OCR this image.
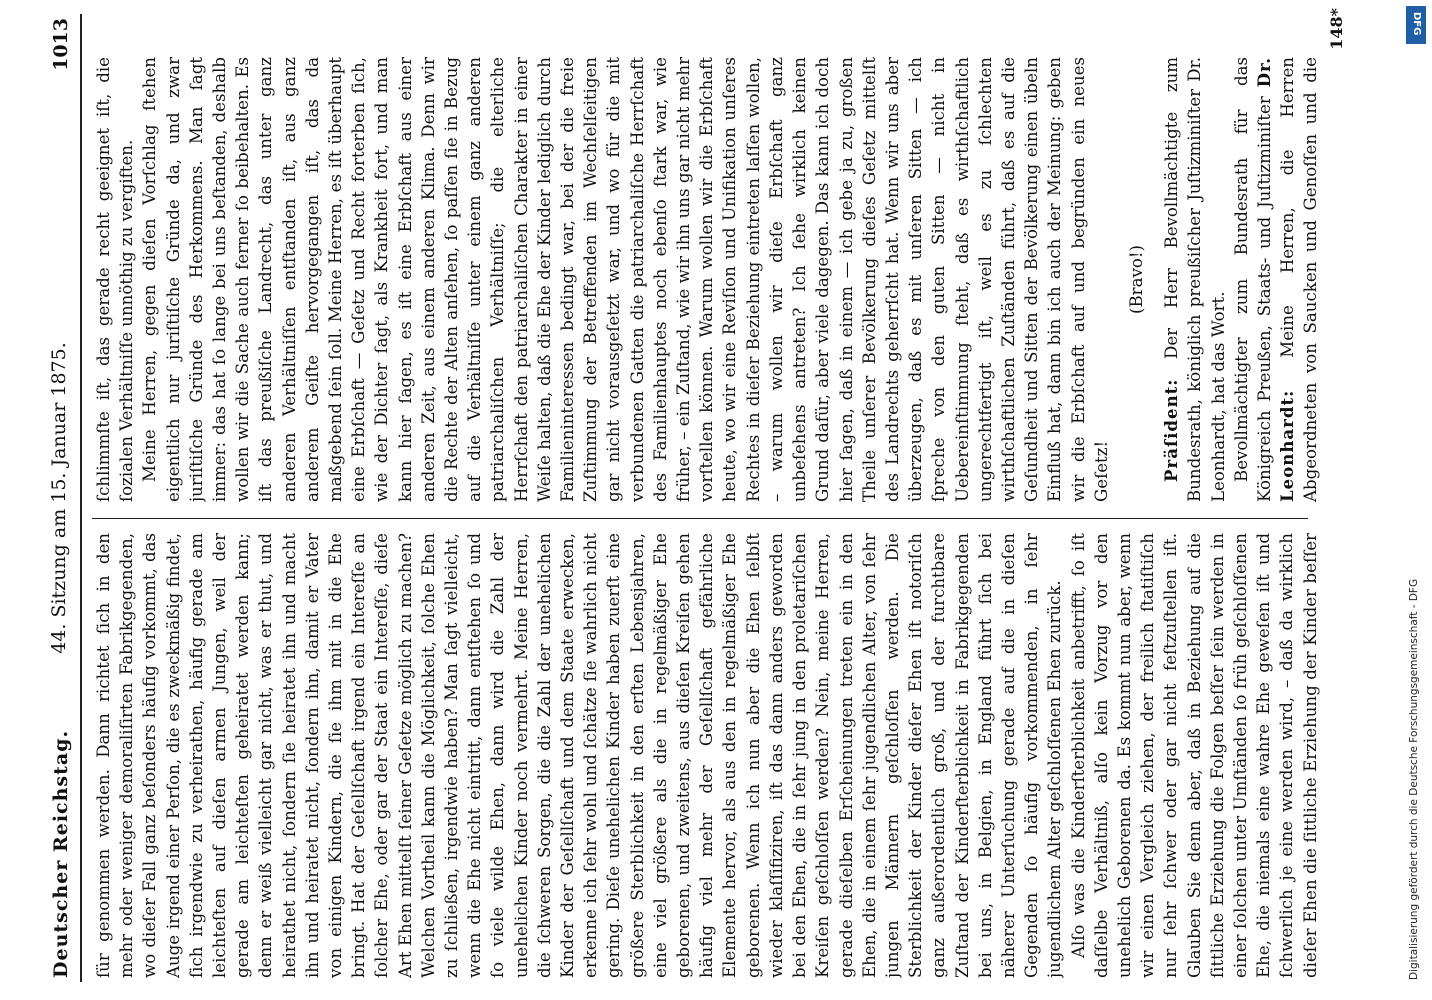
Deutscher Reichstag.
44. Sitzung am 15. Januar 1875.
1013

ſür genommen werden. Dann richtet ſich in den mehr oder weniger demoraliſirten Fabrikgegenden, wo dieſer Fall ganz beſonders häufig vorkommt, das Auge irgend einer Perſon, die es zweckmäßig findet, ſich irgendwie zu verheirathen, häufig gerade am leichteſten auf dieſen armen Jungen, weil der gerade am leichteſten geheiratet werden kann; denn er weiß vielleicht gar nicht, was er thut, und heirathet nicht, ſondern ſie heiratet ihn und macht ihn und heiratet nicht, ſondern ihn, damit er Vater von einigen Kindern, die ſie ihm mit in die Ehe bringt. Hat der Geſellſchaft irgend ein Intereſſe an ſolcher Ehe, oder gar der Staat ein Intereſſe, dieſe Art Ehen mittelſt ſeiner Geſetze möglich zu machen? Welchen Vortheil kann die Möglichkeit, ſolche Ehen zu ſchließen, irgendwie haben? Man ſagt vielleicht, wenn die Ehe nicht eintritt, dann entſtehen ſo und ſo viele wilde Ehen, dann wird die Zahl der unehelichen Kinder noch vermehrt. Meine Herren, die ſchweren Sorgen, die die Zahl der unehelichen Kinder der Geſellſchaft und dem Staate erwecken, erkenne ich ſehr wohl und ſchätze ſie wahrlich nicht gering. Dieſe unehelichen Kinder haben zuerſt eine größere Sterblichkeit in den erſten Lebensjahren, eine viel größere als die in regelmäßiger Ehe geborenen, und zweitens, aus dieſen Kreiſen gehen häufig viel mehr der Geſellſchaft gefährliche Elemente hervor, als aus den in regelmäßiger Ehe geborenen. Wenn ich nun aber die Ehen ſelbſt wieder klaſſifiziren, iſt das dann anders geworden bei den Ehen, die in ſehr jung in den proletariſchen Kreiſen geſchloſſen werden? Nein, meine Herren, gerade dieſelben Erſcheinungen treten ein in den Ehen, die in einem ſehr jugendlichen Alter, von ſehr jungen Männern geſchloſſen werden. Die Sterblichkeit der Kinder dieſer Ehen iſt notoriſch ganz außerordentlich groß, und der furchtbare Zuſtand der Kinderſterblichkeit in Fabrikgegenden bei uns, in Belgien, in England führt ſich bei näherer Unterſuchung gerade auf die in dieſen Gegenden ſo häufig vorkommenden, in ſehr jugendlichem Alter geſchloſſenen Ehen zurück. Alſo was die Kinderſterblichkeit anbetrifft, ſo iſt daſſelbe Verhältniß, alſo kein Vorzug vor den unehelich Geborenen da. Es kommt nun aber, wenn wir einen Vergleich ziehen, der freilich ſtatiſtiſch nur ſehr ſchwer oder gar nicht feſtzuſtellen iſt. Glauben Sie denn aber, daß in Beziehung auf die ſittliche Erziehung die Folgen beſſer ſein werden in einer ſolchen unter Umſtänden ſo früh geſchloſſenen Ehe, die niemals eine wahre Ehe geweſen iſt und ſchwerlich je eine werden wird, – daß da wirklich dieſer Ehen die ſittliche Erziehung der Kinder beſſer

ſchlimmſte iſt, das gerade recht geeignet iſt, die ſozialen Verhältniſſe unnöthig zu vergiften. Meine Herren, gegen dieſen Vorſchlag ſtehen eigentlich nur juriſtiſche Gründe da, und zwar juriſtiſche Gründe des Herkommens. Man ſagt immer: das hat ſo lange bei uns beſtanden, deshalb wollen wir die Sache auch ferner ſo beibehalten. Es iſt das preußiſche Landrecht, das unter ganz anderen Verhältniſſen entſtanden iſt, aus ganz anderem Geiſte hervorgegangen iſt, das da maßgebend ſein ſoll. Meine Herren, es iſt überhaupt eine Erbſchaft — Geſetz und Recht forterben ſich, wie der Dichter ſagt, als Krankheit fort, und man kann hier ſagen, es iſt eine Erbſchaft aus einer anderen Zeit, aus einem anderen Klima. Denn wir die Rechte der Alten anſehen, ſo paſſen ſie in Bezug auf die Verhältniſſe unter einem ganz anderen patriarchaliſchen Verhältniſſe; die elterliche Herrſchaft den patriarchaliſchen Charakter in einer Weiſe halten, daß die Ehe der Kinder lediglich durch Familieninteressen bedingt war, bei der die freie Zuſtimmung der Betreffenden im Wechſelſeitigen gar nicht vorausgeſetzt war, und wo für die mit verbundenen Gatten die patriarchaliſche Herrſchaft des Familienhauptes noch ebenſo ſtark war, wie früher, – ein Zuſtand, wie wir ihn uns gar nicht mehr vorſtellen können. Warum wollen wir die Erbſchaft heute, wo wir eine Reviſion und Unifikation unſeres Rechtes in dieſer Beziehung eintreten laſſen wollen, – warum wollen wir dieſe Erbſchaft ganz unbeſehens antreten? Ich ſehe wirklich keinen Grund dafür, aber viele dagegen. Das kann ich doch hier ſagen, daß in einem — ich gebe ja zu, großen Theile unſerer Bevölkerung dieſes Geſetz mittelſt des Landrechts geherrſcht hat. Wenn wir uns aber überzeugen, daß es mit unſeren Sitten — ich ſpreche von den guten Sitten — nicht in Uebereinſtimmung ſteht, daß es wirthſchaftlich ungerechtfertigt iſt, weil es zu ſchlechten wirthſchaftlichen Zuſtänden führt, daß es auf die Geſundheit und Sitten der Bevölkerung einen übeln Einfluß hat, dann bin ich auch der Meinung: geben wir die Erbſchaft auf und begründen ein neues Geſetz!

(Bravo!)

Präſident: Der Herr Bevollmächtigte zum Bundesrath, königlich preußiſcher Juſtizminiſter Dr. Leonhardt, hat das Wort. Bevollmächtigter zum Bundesrath für das Königreich Preußen, Staats- und Juſtizminiſter Dr. Leonhardt: Meine Herren, die Herren Abgeordneten von Saucken und Genoſſen und die

148*	DFG
Digitalisierung gefördert durch die Deutsche Forschungsgemeinschaft - DFG
